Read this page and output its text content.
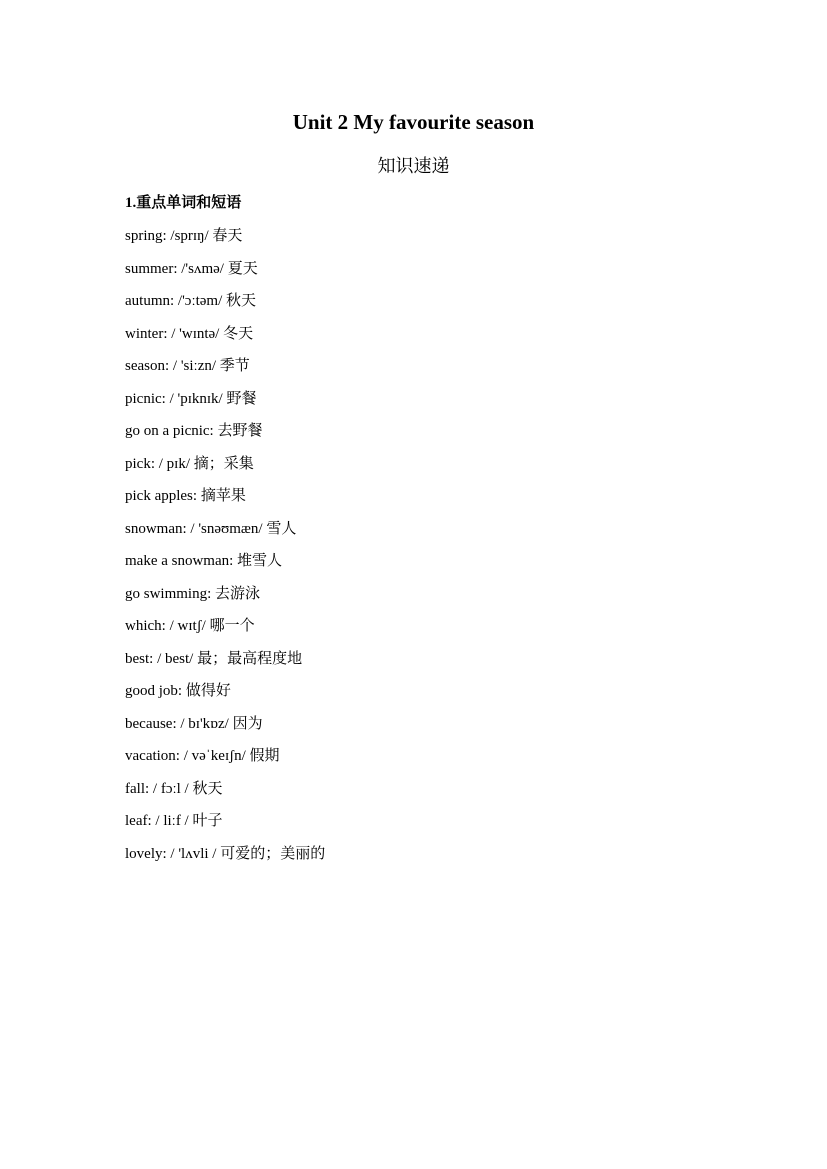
Unit 2 My favourite season
知识速递
1.重点单词和短语
spring: /sprɪŋ/ 春天
summer: /'sʌmə/ 夏天
autumn: /'ɔːtəm/ 秋天
winter: / 'wɪntə/ 冬天
season: / 'siːzn/ 季节
picnic: / 'pɪknɪk/ 野餐
go on a picnic: 去野餐
pick: / pɪk/ 摘；采集
pick apples: 摘苹果
snowman: / 'snəʊmæn/ 雪人
make a snowman: 堆雪人
go swimming: 去游泳
which: / wɪtʃ/ 哪一个
best: / best/ 最；最高程度地
good job: 做得好
because: / bɪ'kɒz/ 因为
vacation: / vəˈkeɪʃn/ 假期
fall: / fɔːl / 秋天
leaf: / liːf / 叶子
lovely: / 'lʌvli / 可爱的；美丽的
